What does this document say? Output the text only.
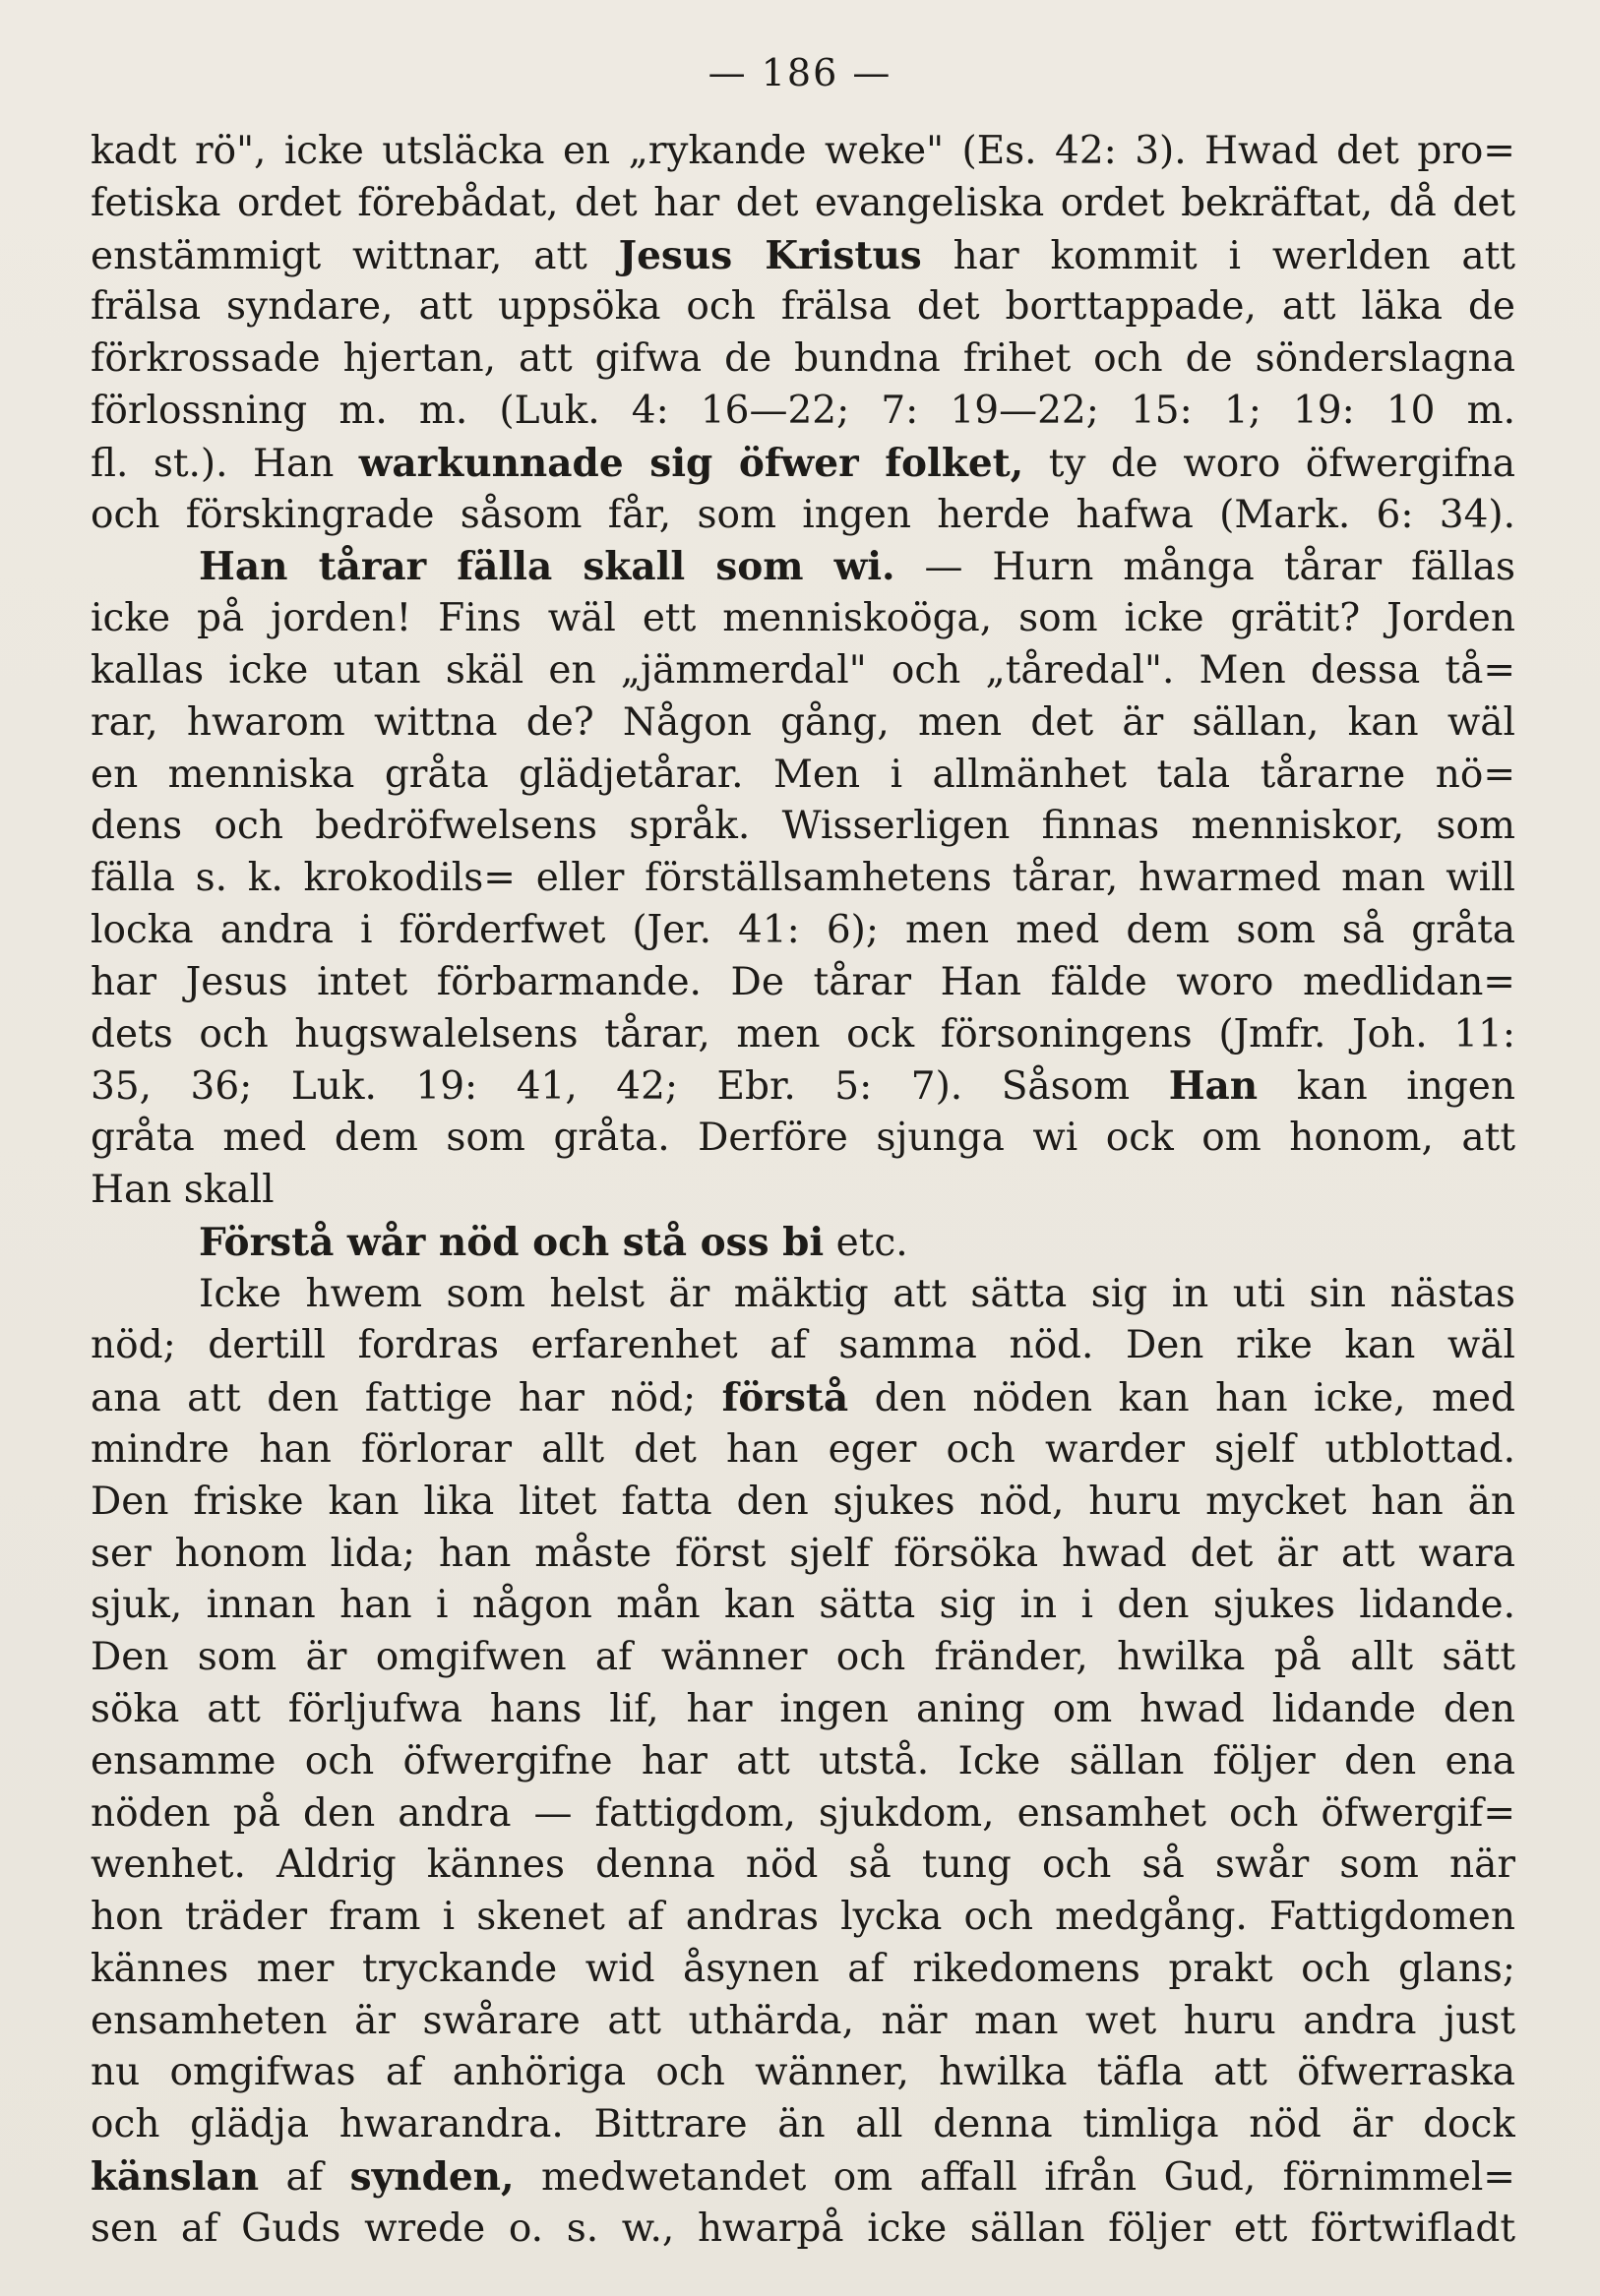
— 186 —
kadt rö", icke utsläcka en „rykande weke" (Es. 42: 3). Hwad det pro=
fetiska ordet förebådat, det har det evangeliska ordet bekräftat, då det
enstämmigt wittnar, att Jesus Kristus har kommit i werlden att
frälsa syndare, att uppsöka och frälsa det borttappade, att läka de
förkrossade hjertan, att gifwa de bundna frihet och de sönderslagna
förlossning m. m. (Luk. 4: 16—22; 7: 19—22; 15: 1; 19: 10 m.
fl. st.). Han warkunnade sig öfwer folket, ty de woro öfwergifna
och förskingrade såsom får, som ingen herde hafwa (Mark. 6: 34).
Han tårar fälla skall som wi. — Hurn många tårar fällas
icke på jorden! Fins wäl ett menniskoöga, som icke grätit? Jorden
kallas icke utan skäl en „jämmerdal" och „tåredal". Men dessa tå=
rar, hwarom wittna de? Någon gång, men det är sällan, kan wäl
en menniska gråta glädjetårar. Men i allmänhet tala tårarne nö=
dens och bedröfwelsens språk. Wisserligen finnas menniskor, som
fälla s. k. krokodils= eller förställsamhetens tårar, hwarmed man will
locka andra i förderfwet (Jer. 41: 6); men med dem som så gråta
har Jesus intet förbarmande. De tårar Han fälde woro medlidan=
dets och hugswalelsens tårar, men ock försoningens (Jmfr. Joh. 11:
35, 36; Luk. 19: 41, 42; Ebr. 5: 7). Såsom Han kan ingen
gråta med dem som gråta. Derföre sjunga wi ock om honom, att
Han skall
Förstå wår nöd och stå oss bi etc.
Icke hwem som helst är mäktig att sätta sig in uti sin nästas
nöd; dertill fordras erfarenhet af samma nöd. Den rike kan wäl
ana att den fattige har nöd; förstå den nöden kan han icke, med
mindre han förlorar allt det han eger och warder sjelf utblottad.
Den friske kan lika litet fatta den sjukes nöd, huru mycket han än
ser honom lida; han måste först sjelf försöka hwad det är att wara
sjuk, innan han i någon mån kan sätta sig in i den sjukes lidande.
Den som är omgifwen af wänner och fränder, hwilka på allt sätt
söka att förljufwa hans lif, har ingen aning om hwad lidande den
ensamme och öfwergifne har att utstå. Icke sällan följer den ena
nöden på den andra — fattigdom, sjukdom, ensamhet och öfwergif=
wenhet. Aldrig kännes denna nöd så tung och så swår som när
hon träder fram i skenet af andras lycka och medgång. Fattigdomen
kännes mer tryckande wid åsynen af rikedomens prakt och glans;
ensamheten är swårare att uthärda, när man wet huru andra just
nu omgifwas af anhöriga och wänner, hwilka täfla att öfwerraska
och glädja hwarandra. Bittrare än all denna timliga nöd är dock
känslan af synden, medwetandet om affall ifrån Gud, förnimmel=
sen af Guds wrede o. s. w., hwarpå icke sällan följer ett förtwifladt
